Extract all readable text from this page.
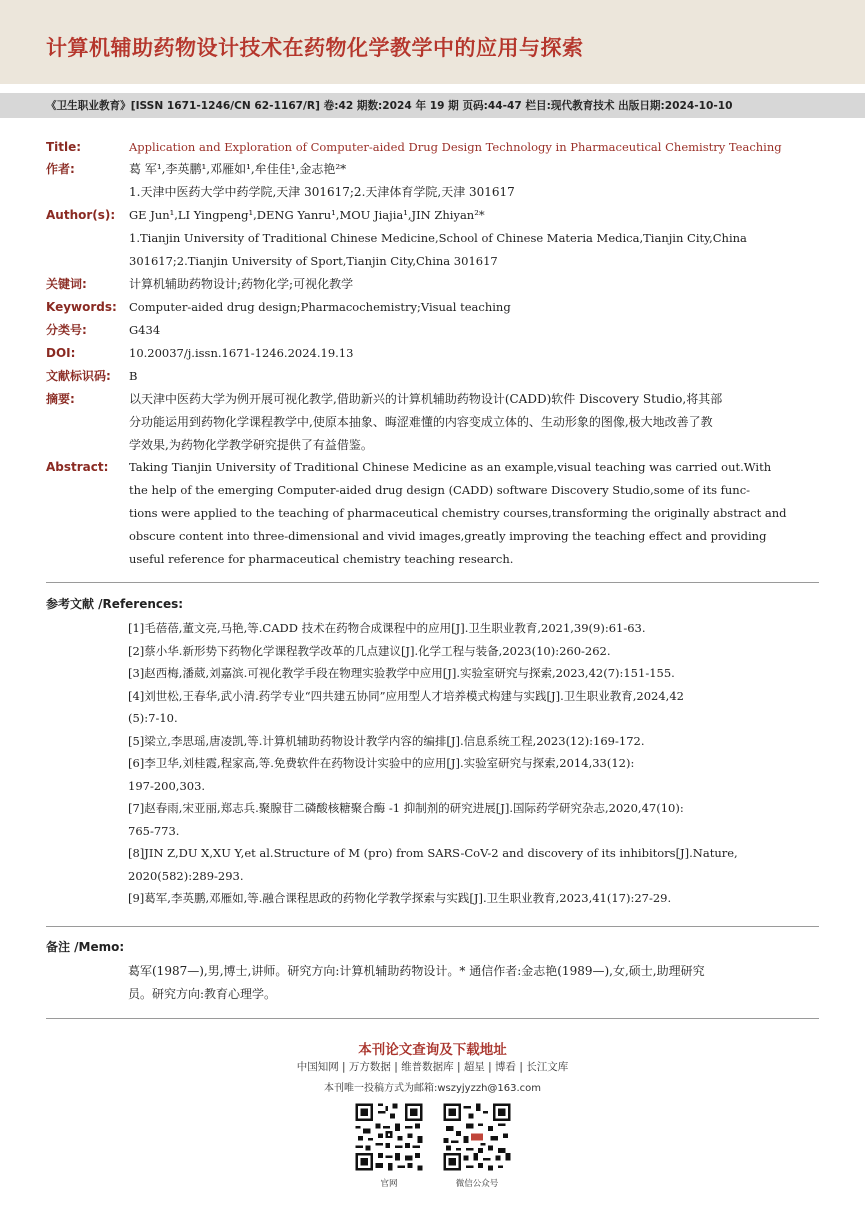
计算机辅助药物设计技术在药物化学教学中的应用与探索
《卫生职业教育》[ISSN 1671-1246/CN 62-1167/R] 卷:42 期数:2024 年 19 期 页码:44-47 栏目:现代教育技术 出版日期:2024-10-10
Title:	Application and Exploration of Computer-aided Drug Design Technology in Pharmaceutical Chemistry Teaching
作者:	葛 军¹,李英鹏¹,邓雁如¹,牟佳佳¹,金志艳²*
1.天津中医药大学中药学院,天津 301617;2.天津体育学院,天津 301617
Author(s):	GE Jun¹,LI Yingpeng¹,DENG Yanru¹,MOU Jiajia¹,JIN Zhiyan²*
1.Tianjin University of Traditional Chinese Medicine,School of Chinese Materia Medica,Tianjin City,China
301617;2.Tianjin University of Sport,Tianjin City,China 301617
关键词:	计算机辅助药物设计;药物化学;可视化教学
Keywords:	Computer-aided drug design;Pharmacochemistry;Visual teaching
分类号:	G434
DOI:	10.20037/j.issn.1671-1246.2024.19.13
文献标识码:	B
摘要:	以天津中医药大学为例开展可视化教学,借助新兴的计算机辅助药物设计(CADD)软件 Discovery Studio,将其部
分功能运用到药物化学课程教学中,使原本抽象、晦涩难懂的内容变成立体的、生动形象的图像,极大地改善了教
学效果,为药物化学教学研究提供了有益借鉴。
Abstract:	Taking Tianjin University of Traditional Chinese Medicine as an example,visual teaching was carried out.With
the help of the emerging Computer-aided drug design (CADD) software Discovery Studio,some of its func-
tions were applied to the teaching of pharmaceutical chemistry courses,transforming the originally abstract and
obscure content into three-dimensional and vivid images,greatly improving the teaching effect and providing
useful reference for pharmaceutical chemistry teaching research.
参考文献 /References:
[1]毛蓓蓓,董文亮,马艳,等.CADD 技术在药物合成课程中的应用[J].卫生职业教育,2021,39(9):61-63.
[2]蔡小华.新形势下药物化学课程教学改革的几点建议[J].化学工程与装备,2023(10):260-262.
[3]赵西梅,潘葳,刘嘉滨.可视化教学手段在物理实验教学中应用[J].实验室研究与探索,2023,42(7):151-155.
[4]刘世松,王春华,武小清.药学专业“四共建五协同”应用型人才培养模式构建与实践[J].卫生职业教育,2024,42
(5):7-10.
[5]梁立,李思瑶,唐凌凯,等.计算机辅助药物设计教学内容的编排[J].信息系统工程,2023(12):169-172.
[6]李卫华,刘桂霞,程家高,等.免费软件在药物设计实验中的应用[J].实验室研究与探索,2014,33(12):
197-200,303.
[7]赵春雨,宋亚丽,郑志兵.聚腺苷二磷酸核糖聚合酶 -1 抑制剂的研究进展[J].国际药学研究杂志,2020,47(10):
765-773.
[8]JIN Z,DU X,XU Y,et al.Structure of M (pro) from SARS-CoV-2 and discovery of its inhibitors[J].Nature,
2020(582):289-293.
[9]葛军,李英鹏,邓雁如,等.融合课程思政的药物化学教学探索与实践[J].卫生职业教育,2023,41(17):27-29.
备注 /Memo:
葛军(1987—),男,博士,讲师。研究方向:计算机辅助药物设计。* 通信作者:金志艳(1989—),女,硕士,助理研究
员。研究方向:教育心理学。
本刊论文查询及下载地址
中国知网 | 万方数据 | 维普数据库 | 超星 | 博看 | 长江文库
本刊唯一投稿方式为邮箱:wszyjyzzh@163.com
官网	微信公众号
